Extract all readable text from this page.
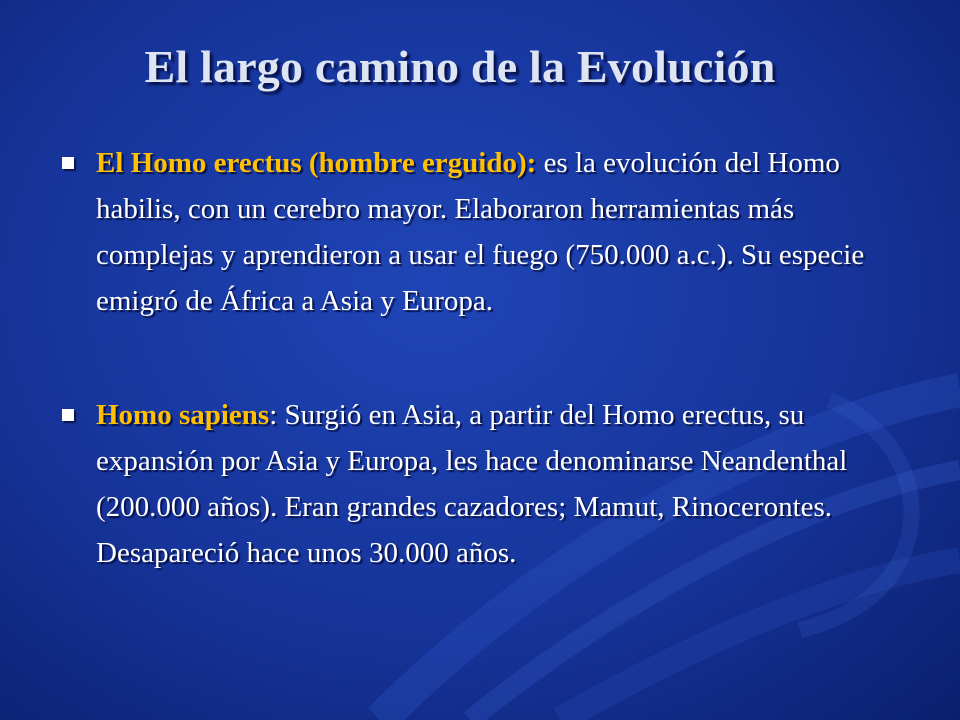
El largo camino de la Evolución

El Homo erectus (hombre erguido): es la evolución del Homo habilis, con un cerebro mayor. Elaboraron herramientas más complejas y aprendieron a usar el fuego (750.000 a.c.). Su especie emigró de África a Asia y Europa.

Homo sapiens: Surgió en Asia, a partir del Homo erectus, su expansión por Asia y Europa, les hace denominarse Neandenthal (200.000 años). Eran grandes cazadores; Mamut, Rinocerontes. Desapareció hace unos 30.000 años.
